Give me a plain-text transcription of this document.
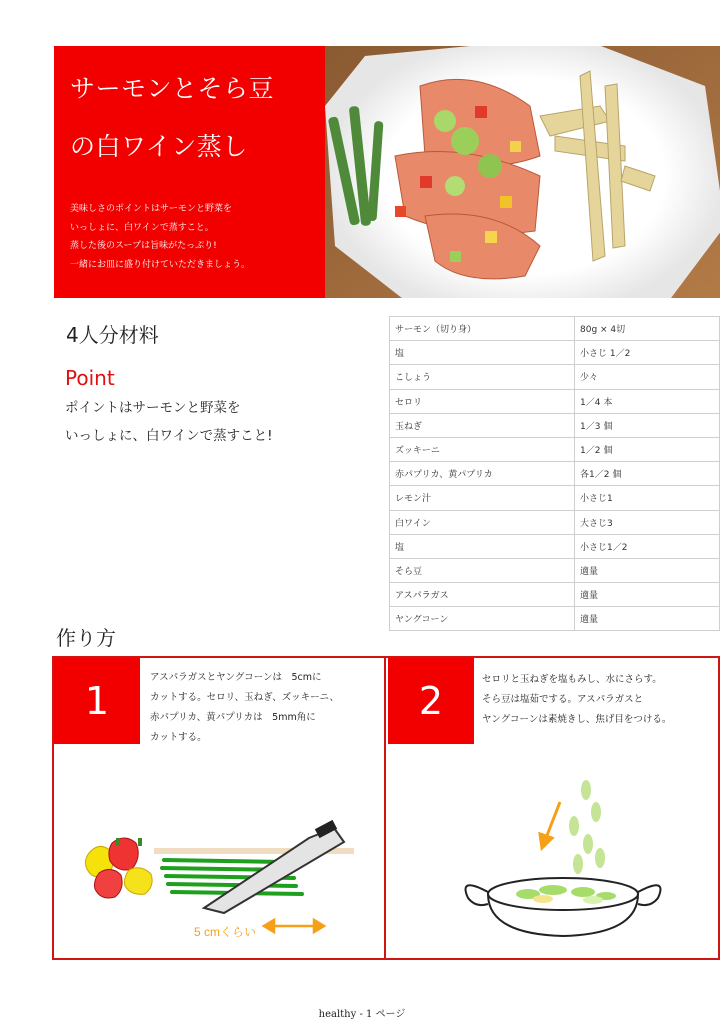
サーモンとそら豆
の白ワイン蒸し
美味しさのポイントはサーモンと野菜を
いっしょに、白ワインで蒸すこと。
蒸した後のスープは旨味がたっぷり!
一緒にお皿に盛り付けていただきましょう。
4人分材料
Point
ポイントはサーモンと野菜を
いっしょに、白ワインで蒸すこと!
サーモン（切り身）	80g × 4切
塩	小さじ 1／2
こしょう	少々
セロリ	1／4 本
玉ねぎ	1／3 個
ズッキーニ	1／2 個
赤パプリカ、黄パプリカ	各1／2 個
レモン汁	小さじ1
白ワイン	大さじ3
塩	小さじ1／2
そら豆	適量
アスパラガス	適量
ヤングコーン	適量
作り方
1
アスパラガスとヤングコーンは　5cmに
カットする。セロリ、玉ねぎ、ズッキーニ、
赤パプリカ、黄パプリカは　5mm角に
カットする。
5 cmくらい
2	セロリと玉ねぎを塩もみし、水にさらす。
そら豆は塩茹でする。アスパラガスと
ヤングコーンは素焼きし、焦げ目をつける。
healthy - 1 ページ
